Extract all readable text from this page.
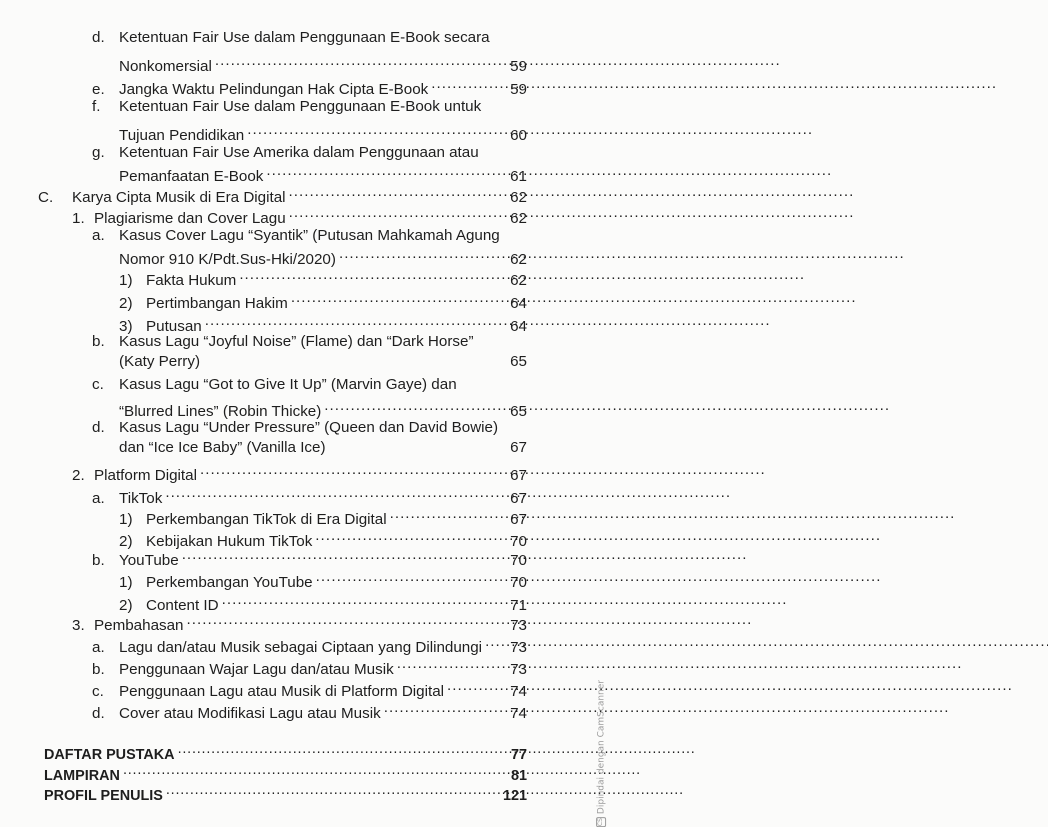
d. Ketentuan Fair Use dalam Penggunaan E-Book secara
Nonkomersial . . .	59
e. Jangka Waktu Pelindungan Hak Cipta E-Book . . .	59
f. Ketentuan Fair Use dalam Penggunaan E-Book untuk
Tujuan Pendidikan . . .	60
g. Ketentuan Fair Use Amerika dalam Penggunaan atau
Pemanfaatan E-Book . . .	61
C.	Karya Cipta Musik di Era Digital . . .	62
1. Plagiarisme dan Cover Lagu . . .	62
a. Kasus Cover Lagu “Syantik” (Putusan Mahkamah Agung
Nomor 910 K/Pdt.Sus-Hki/2020) . . .	62
1) Fakta Hukum . . .	62
2) Pertimbangan Hakim . . .	64
3) Putusan . . .	64
b. Kasus Lagu “Joyful Noise” (Flame) dan “Dark Horse”
(Katy Perry)	65
c. Kasus Lagu “Got to Give It Up” (Marvin Gaye) dan
“Blurred Lines” (Robin Thicke) . . .	65
d. Kasus Lagu “Under Pressure” (Queen dan David Bowie)
dan “Ice Ice Baby” (Vanilla Ice)	67
2. Platform Digital . . .	67
a. TikTok . . .	67
1) Perkembangan TikTok di Era Digital . . .	67
2) Kebijakan Hukum TikTok . . .	70
b. YouTube . . .	70
1) Perkembangan YouTube . . .	70
2) Content ID . . .	71
3. Pembahasan . . .	73
a. Lagu dan/atau Musik sebagai Ciptaan yang Dilindungi . . .	73
b. Penggunaan Wajar Lagu dan/atau Musik . . .	73
c. Penggunaan Lagu atau Musik di Platform Digital . . .	74
d. Cover atau Modifikasi Lagu atau Musik . . .	74
DAFTAR PUSTAKA . . .	77
LAMPIRAN . . .	81
PROFIL PENULIS . . .	121
CSDipindai dengan CamScanner
